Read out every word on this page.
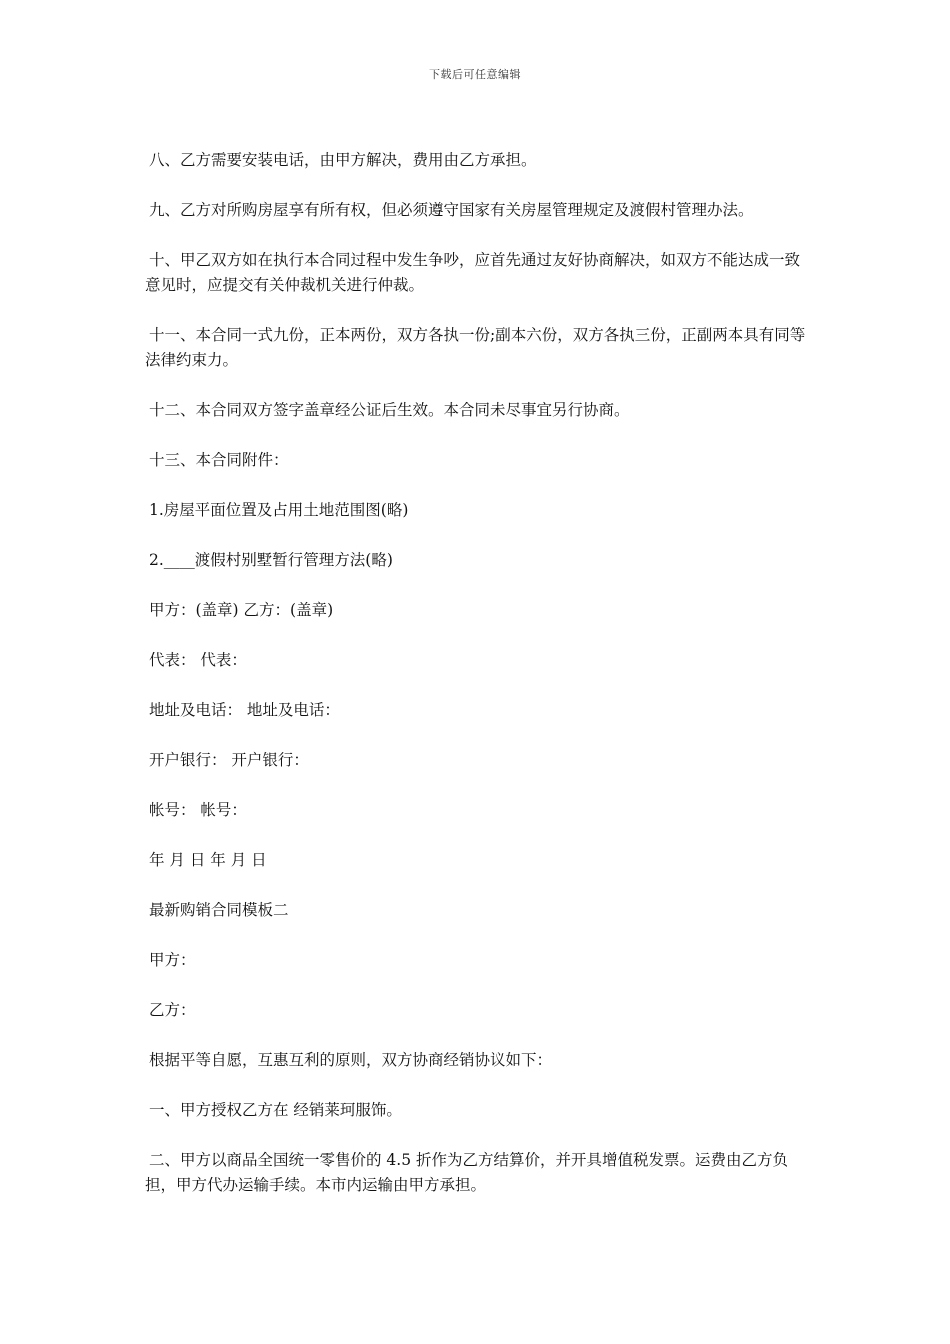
下载后可任意编辑

八、乙方需要安装电话，由甲方解决，费用由乙方承担。

九、乙方对所购房屋享有所有权，但必须遵守国家有关房屋管理规定及渡假村管理办法。

十、甲乙双方如在执行本合同过程中发生争吵，应首先通过友好协商解决，如双方不能达成一致意见时，应提交有关仲裁机关进行仲裁。

十一、本合同一式九份，正本两份，双方各执一份;副本六份，双方各执三份，正副两本具有同等法律约束力。

十二、本合同双方签字盖章经公证后生效。本合同未尽事宜另行协商。

十三、本合同附件：

1.房屋平面位置及占用土地范围图(略)

2.____渡假村别墅暂行管理方法(略)

甲方：(盖章) 乙方：(盖章)

代表： 代表：

地址及电话： 地址及电话：

开户银行： 开户银行：

帐号： 帐号：

年 月 日 年 月 日

最新购销合同模板二

甲方：

乙方：

根据平等自愿，互惠互利的原则，双方协商经销协议如下：

一、甲方授权乙方在 经销莱珂服饰。

二、甲方以商品全国统一零售价的 4.5 折作为乙方结算价，并开具增值税发票。运费由乙方负担，甲方代办运输手续。本市内运输由甲方承担。
